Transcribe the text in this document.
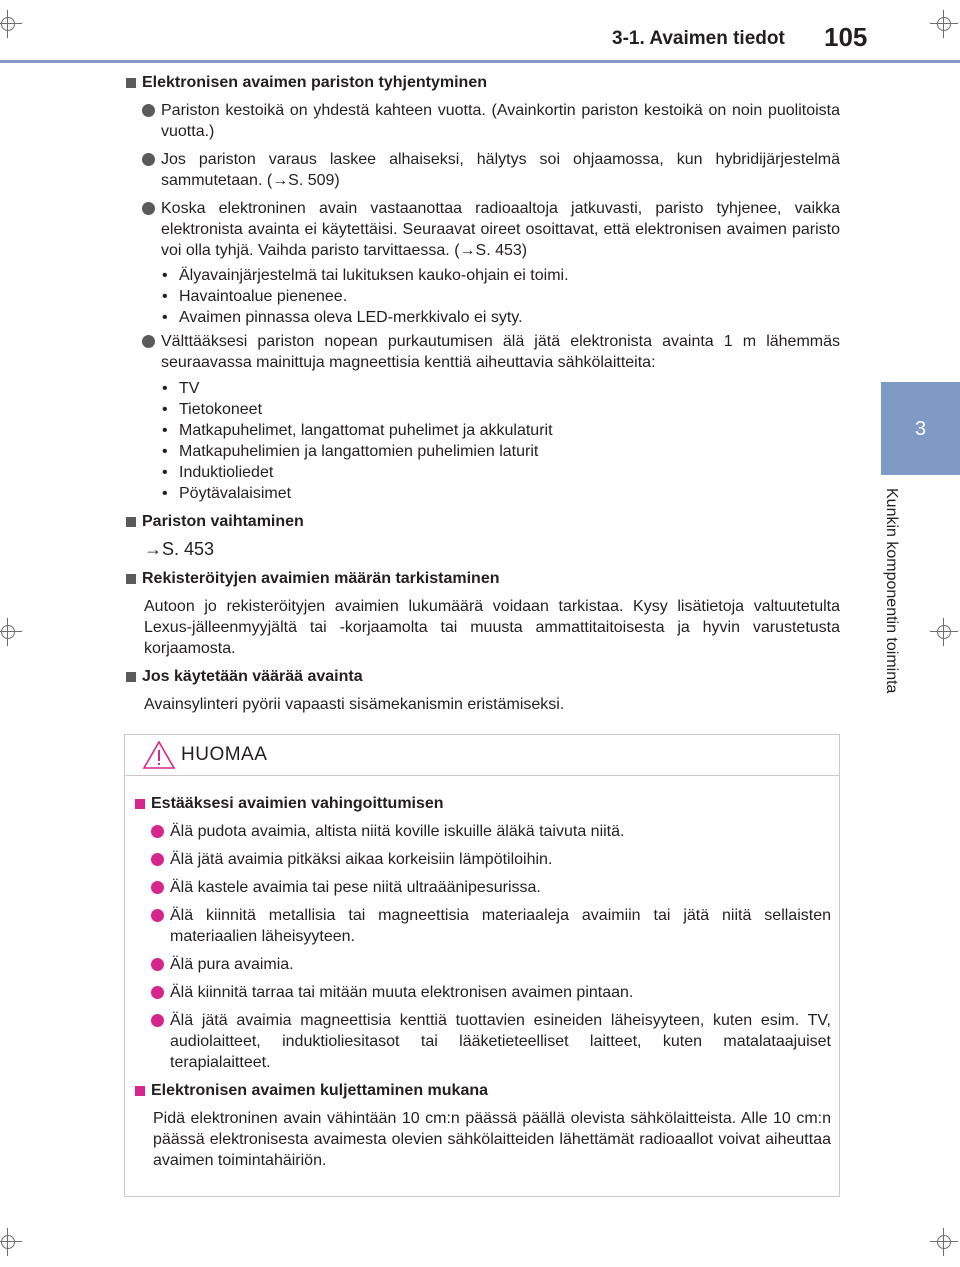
3-1. Avaimen tiedot 105
3
Kunkin komponentin toiminta
Elektronisen avaimen pariston tyhjentyminen
Pariston kestoikä on yhdestä kahteen vuotta. (Avainkortin pariston kestoikä on noin puolitoista vuotta.)
Jos pariston varaus laskee alhaiseksi, hälytys soi ohjaamossa, kun hybridijärjestelmä sammutetaan. (→S. 509)
Koska elektroninen avain vastaanottaa radioaaltoja jatkuvasti, paristo tyhjenee, vaikka elektronista avainta ei käytettäisi. Seuraavat oireet osoittavat, että elektronisen avaimen paristo voi olla tyhjä. Vaihda paristo tarvittaessa. (→S. 453)
• Älyavainjärjestelmä tai lukituksen kauko-ohjain ei toimi.
• Havaintoalue pienenee.
• Avaimen pinnassa oleva LED-merkkivalo ei syty.
Välttääksesi pariston nopean purkautumisen älä jätä elektronista avainta 1 m lähemmäs seuraavassa mainittuja magneettisia kenttiä aiheuttavia sähkölaitteita:
• TV
• Tietokoneet
• Matkapuhelimet, langattomat puhelimet ja akkulaturit
• Matkapuhelimien ja langattomien puhelimien laturit
• Induktioliedet
• Pöytävalaisimet
Pariston vaihtaminen
→S. 453
Rekisteröityjen avaimien määrän tarkistaminen
Autoon jo rekisteröityjen avaimien lukumäärä voidaan tarkistaa. Kysy lisätietoja valtuutetulta Lexus-jälleenmyyjältä tai -korjaamolta tai muusta ammattitaitoisesta ja hyvin varustetusta korjaamosta.
Jos käytetään väärää avainta
Avainsylinteri pyörii vapaasti sisämekanismin eristämiseksi.
HUOMAA
Estääksesi avaimien vahingoittumisen
Älä pudota avaimia, altista niitä koville iskuille äläkä taivuta niitä.
Älä jätä avaimia pitkäksi aikaa korkeisiin lämpötiloihin.
Älä kastele avaimia tai pese niitä ultraäänipesurissa.
Älä kiinnitä metallisia tai magneettisia materiaaleja avaimiin tai jätä niitä sellaisten materiaalien läheisyyteen.
Älä pura avaimia.
Älä kiinnitä tarraa tai mitään muuta elektronisen avaimen pintaan.
Älä jätä avaimia magneettisia kenttiä tuottavien esineiden läheisyyteen, kuten esim. TV, audiolaitteet, induktioliesitasot tai lääketieteelliset laitteet, kuten matalataajuiset terapialaitteet.
Elektronisen avaimen kuljettaminen mukana
Pidä elektroninen avain vähintään 10 cm:n päässä päällä olevista sähkölaitteista. Alle 10 cm:n päässä elektronisesta avaimesta olevien sähkölaitteiden lähettämät radioaallot voivat aiheuttaa avaimen toimintahäiriön.
